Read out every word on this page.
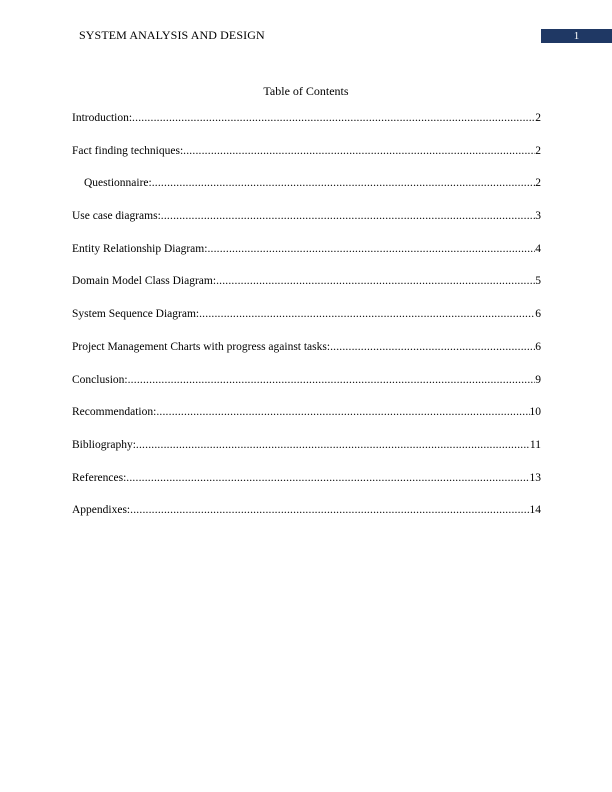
SYSTEM ANALYSIS AND DESIGN	1
Table of Contents
Introduction: .....	2
Fact finding techniques: .....	2
Questionnaire: .....	2
Use case diagrams: .....	3
Entity Relationship Diagram: .....	4
Domain Model Class Diagram: .....	5
System Sequence Diagram: .....	6
Project Management Charts with progress against tasks: .....	6
Conclusion: .....	9
Recommendation: .....	10
Bibliography: .....	11
References: .....	13
Appendixes: .....	14
